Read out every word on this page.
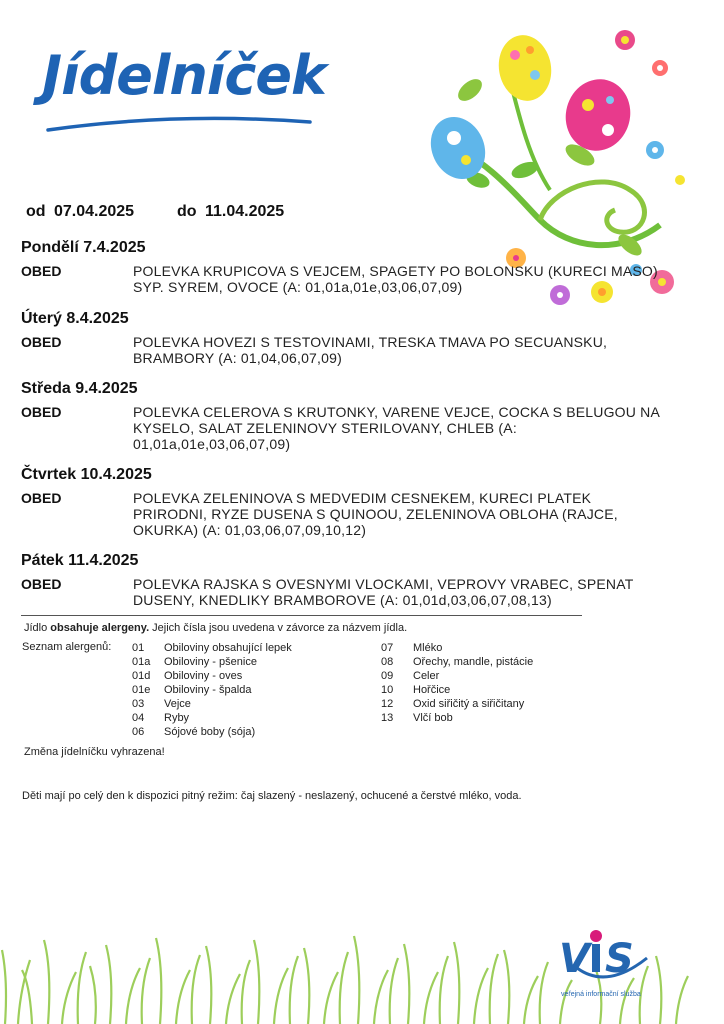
Jídelníček
od 07.04.2025	do 11.04.2025
Pondělí 7.4.2025
OBED	POLEVKA KRUPICOVA S VEJCEM, SPAGETY PO BOLONSKU (KURECI MASO) SYP. SYREM, OVOCE (A: 01,01a,01e,03,06,07,09)
Úterý 8.4.2025
OBED	POLEVKA HOVEZI S TESTOVINAMI, TRESKA TMAVA PO SECUANSKU, BRAMBORY (A: 01,04,06,07,09)
Středa 9.4.2025
OBED	POLEVKA CELEROVA S KRUTONKY, VARENE VEJCE, COCKA S BELUGOU NA KYSELO, SALAT ZELENINOVY STERILOVANY, CHLEB (A: 01,01a,01e,03,06,07,09)
Čtvrtek 10.4.2025
OBED	POLEVKA ZELENINOVA S MEDVEDIM CESNEKEM, KURECI PLATEK PRIRODNI, RYZE DUSENA S QUINOOU, ZELENINOVA OBLOHA (RAJCE, OKURKA) (A: 01,03,06,07,09,10,12)
Pátek 11.4.2025
OBED	POLEVKA RAJSKA S OVESNYMI VLOCKAMI, VEPROVY VRABEC, SPENAT DUSENY, KNEDLIKY BRAMBOROVE (A: 01,01d,03,06,07,08,13)
Jídlo obsahuje alergeny. Jejich čísla jsou uvedena v závorce za názvem jídla.
Seznam alergenů: 01 Obiloviny obsahující lepek
01a Obiloviny - pšenice
01d Obiloviny - oves
01e Obiloviny - špalda
03 Vejce
04 Ryby
06 Sójové boby (sója)
07 Mléko
08 Ořechy, mandle, pistácie
09 Celer
10 Hořčice
12 Oxid siřičitý a siřičitany
13 Vlčí bob
Změna jídelníčku vyhrazena!
Děti mají po celý den k dispozici pitný režim: čaj slazený - neslazený, ochucené a čerstvé mléko, voda.
V S
veřejná informační služba
